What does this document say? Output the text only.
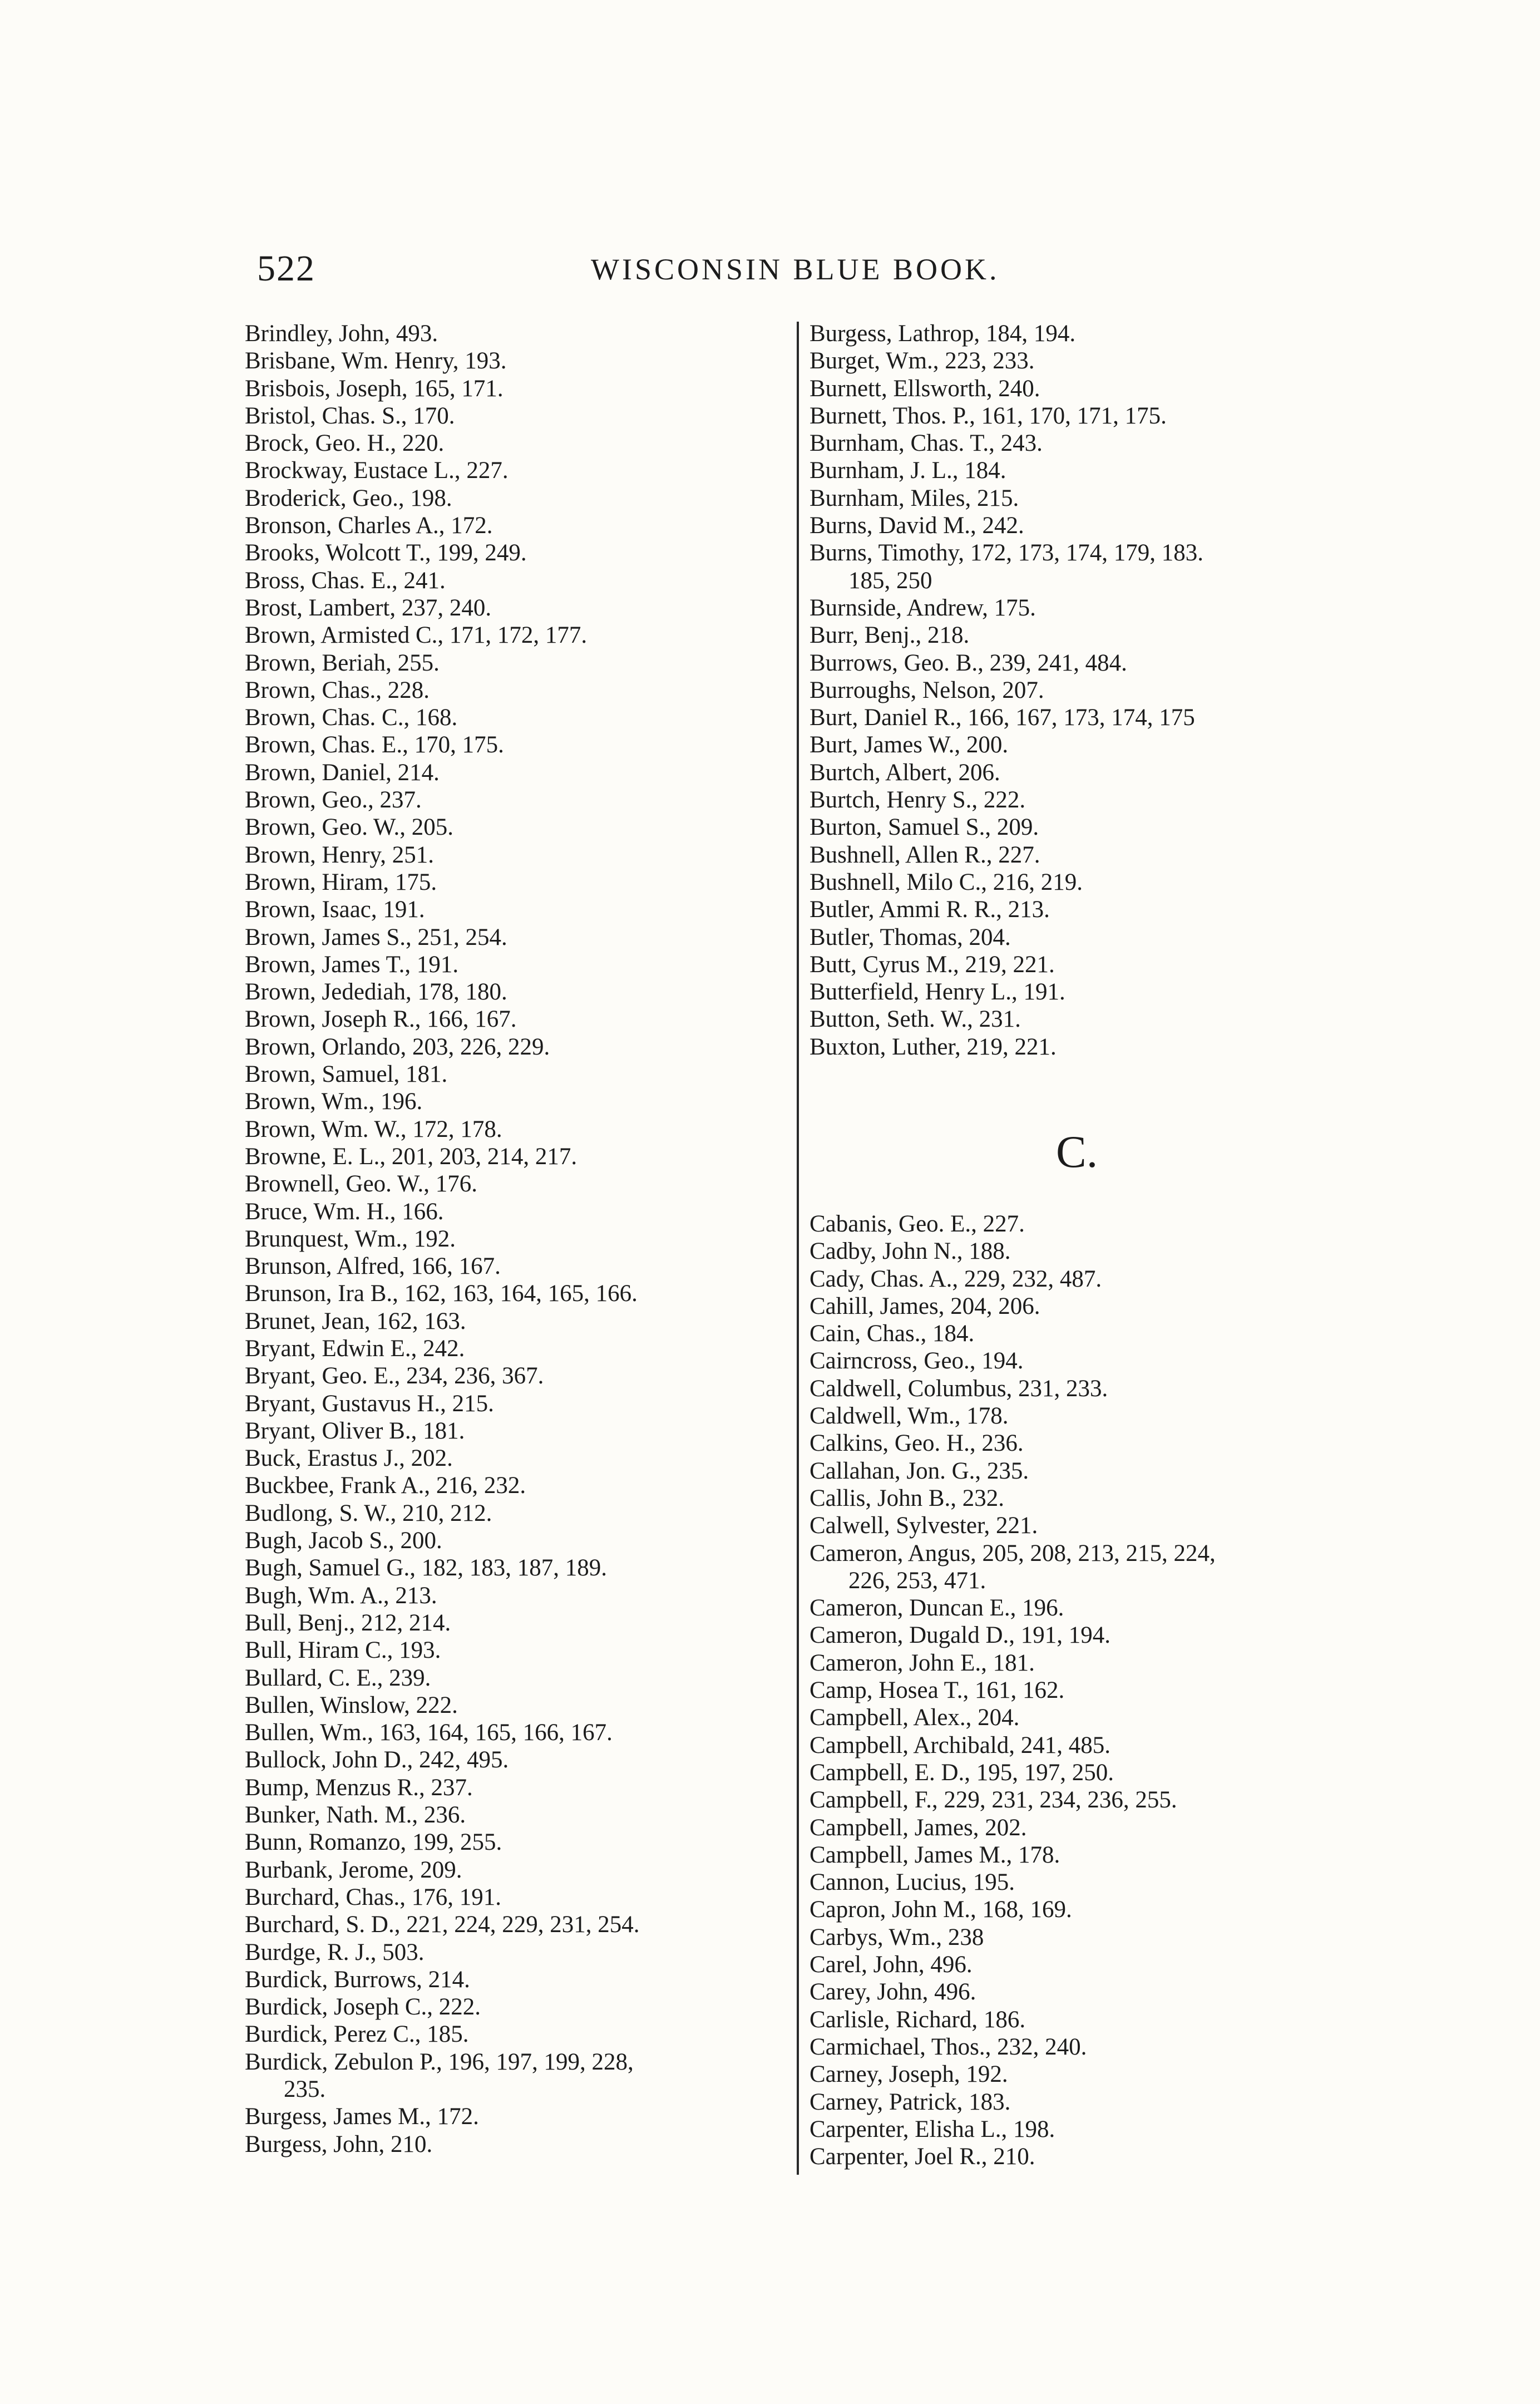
522	WISCONSIN BLUE BOOK.
Brindley, John, 493.
Brisbane, Wm. Henry, 193.
Brisbois, Joseph, 165, 171.
Bristol, Chas. S., 170.
Brock, Geo. H., 220.
Brockway, Eustace L., 227.
Broderick, Geo., 198.
Bronson, Charles A., 172.
Brooks, Wolcott T., 199, 249.
Bross, Chas. E., 241.
Brost, Lambert, 237, 240.
Brown, Armisted C., 171, 172, 177.
Brown, Beriah, 255.
Brown, Chas., 228.
Brown, Chas. C., 168.
Brown, Chas. E., 170, 175.
Brown, Daniel, 214.
Brown, Geo., 237.
Brown, Geo. W., 205.
Brown, Henry, 251.
Brown, Hiram, 175.
Brown, Isaac, 191.
Brown, James S., 251, 254.
Brown, James T., 191.
Brown, Jedediah, 178, 180.
Brown, Joseph R., 166, 167.
Brown, Orlando, 203, 226, 229.
Brown, Samuel, 181.
Brown, Wm., 196.
Brown, Wm. W., 172, 178.
Browne, E. L., 201, 203, 214, 217.
Brownell, Geo. W., 176.
Bruce, Wm. H., 166.
Brunquest, Wm., 192.
Brunson, Alfred, 166, 167.
Brunson, Ira B., 162, 163, 164, 165, 166.
Brunet, Jean, 162, 163.
Bryant, Edwin E., 242.
Bryant, Geo. E., 234, 236, 367.
Bryant, Gustavus H., 215.
Bryant, Oliver B., 181.
Buck, Erastus J., 202.
Buckbee, Frank A., 216, 232.
Budlong, S. W., 210, 212.
Bugh, Jacob S., 200.
Bugh, Samuel G., 182, 183, 187, 189.
Bugh, Wm. A., 213.
Bull, Benj., 212, 214.
Bull, Hiram C., 193.
Bullard, C. E., 239.
Bullen, Winslow, 222.
Bullen, Wm., 163, 164, 165, 166, 167.
Bullock, John D., 242, 495.
Bump, Menzus R., 237.
Bunker, Nath. M., 236.
Bunn, Romanzo, 199, 255.
Burbank, Jerome, 209.
Burchard, Chas., 176, 191.
Burchard, S. D., 221, 224, 229, 231, 254.
Burdge, R. J., 503.
Burdick, Burrows, 214.
Burdick, Joseph C., 222.
Burdick, Perez C., 185.
Burdick, Zebulon P., 196, 197, 199, 228,
235.
Burgess, James M., 172.
Burgess, John, 210.
Burgess, Lathrop, 184, 194.
Burget, Wm., 223, 233.
Burnett, Ellsworth, 240.
Burnett, Thos. P., 161, 170, 171, 175.
Burnham, Chas. T., 243.
Burnham, J. L., 184.
Burnham, Miles, 215.
Burns, David M., 242.
Burns, Timothy, 172, 173, 174, 179, 183.
185, 250
Burnside, Andrew, 175.
Burr, Benj., 218.
Burrows, Geo. B., 239, 241, 484.
Burroughs, Nelson, 207.
Burt, Daniel R., 166, 167, 173, 174, 175
Burt, James W., 200.
Burtch, Albert, 206.
Burtch, Henry S., 222.
Burton, Samuel S., 209.
Bushnell, Allen R., 227.
Bushnell, Milo C., 216, 219.
Butler, Ammi R. R., 213.
Butler, Thomas, 204.
Butt, Cyrus M., 219, 221.
Butterfield, Henry L., 191.
Button, Seth. W., 231.
Buxton, Luther, 219, 221.
C.
Cabanis, Geo. E., 227.
Cadby, John N., 188.
Cady, Chas. A., 229, 232, 487.
Cahill, James, 204, 206.
Cain, Chas., 184.
Cairncross, Geo., 194.
Caldwell, Columbus, 231, 233.
Caldwell, Wm., 178.
Calkins, Geo. H., 236.
Callahan, Jon. G., 235.
Callis, John B., 232.
Calwell, Sylvester, 221.
Cameron, Angus, 205, 208, 213, 215, 224,
226, 253, 471.
Cameron, Duncan E., 196.
Cameron, Dugald D., 191, 194.
Cameron, John E., 181.
Camp, Hosea T., 161, 162.
Campbell, Alex., 204.
Campbell, Archibald, 241, 485.
Campbell, E. D., 195, 197, 250.
Campbell, F., 229, 231, 234, 236, 255.
Campbell, James, 202.
Campbell, James M., 178.
Cannon, Lucius, 195.
Capron, John M., 168, 169.
Carbys, Wm., 238
Carel, John, 496.
Carey, John, 496.
Carlisle, Richard, 186.
Carmichael, Thos., 232, 240.
Carney, Joseph, 192.
Carney, Patrick, 183.
Carpenter, Elisha L., 198.
Carpenter, Joel R., 210.
